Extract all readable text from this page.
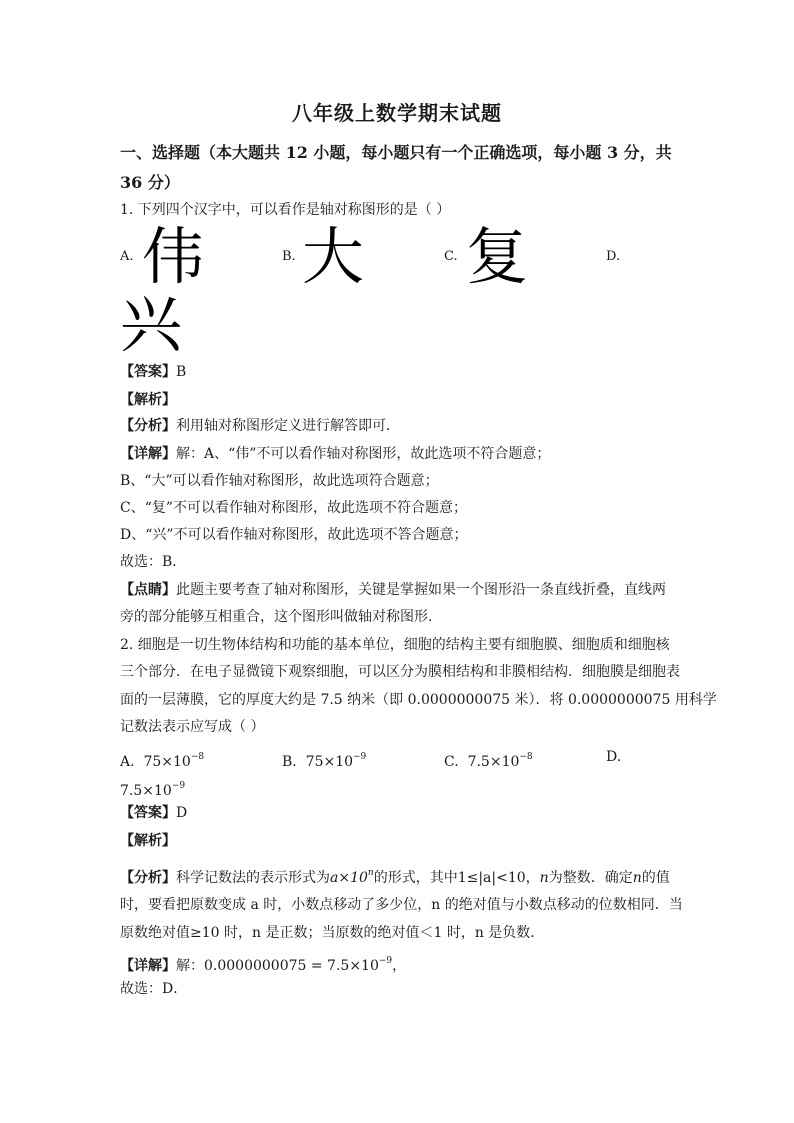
八年级上数学期末试题
一、选择题（本大题共 12 小题，每小题只有一个正确选项，每小题 3 分，共
36 分）
1. 下列四个汉字中，可以看作是轴对称图形的是（ ）
A. 伟	B. 大	C. 复	D.
兴
【答案】B
【解析】
【分析】利用轴对称图形定义进行解答即可．
【详解】解：A、“伟”不可以看作轴对称图形，故此选项不符合题意；
B、“大”可以看作轴对称图形，故此选项符合题意；
C、“复”不可以看作轴对称图形，故此选项不符合题意；
D、“兴”不可以看作轴对称图形，故此选项不答合题意；
故选：B．
【点睛】此题主要考查了轴对称图形，关键是掌握如果一个图形沿一条直线折叠，直线两
旁的部分能够互相重合，这个图形叫做轴对称图形．
2. 细胞是一切生物体结构和功能的基本单位，细胞的结构主要有细胞膜、细胞质和细胞核
三个部分．在电子显微镜下观察细胞，可以区分为膜相结构和非膜相结构．细胞膜是细胞表
面的一层薄膜，它的厚度大约是 7.5 纳米（即 0.0000000075 米）．将 0.0000000075 用科学
记数法表示应写成（ ）
A. $75\times 10^{-8}$	B. $75\times 10^{-9}$	C. $7.5\times 10^{-8}$	D.
$7.5\times 10^{-9}$
【答案】D
【解析】
【分析】科学记数法的表示形式为$a\times 10^n$的形式，其中1≤|a|<10，n为整数．确定n的值
时，要看把原数变成 a 时，小数点移动了多少位，n 的绝对值与小数点移动的位数相同．当
原数绝对值≥10 时，n 是正数；当原数的绝对值＜1 时，n 是负数．
【详解】解：$0.0000000075 = 7.5\times 10^{-9}$，
故选：D．
